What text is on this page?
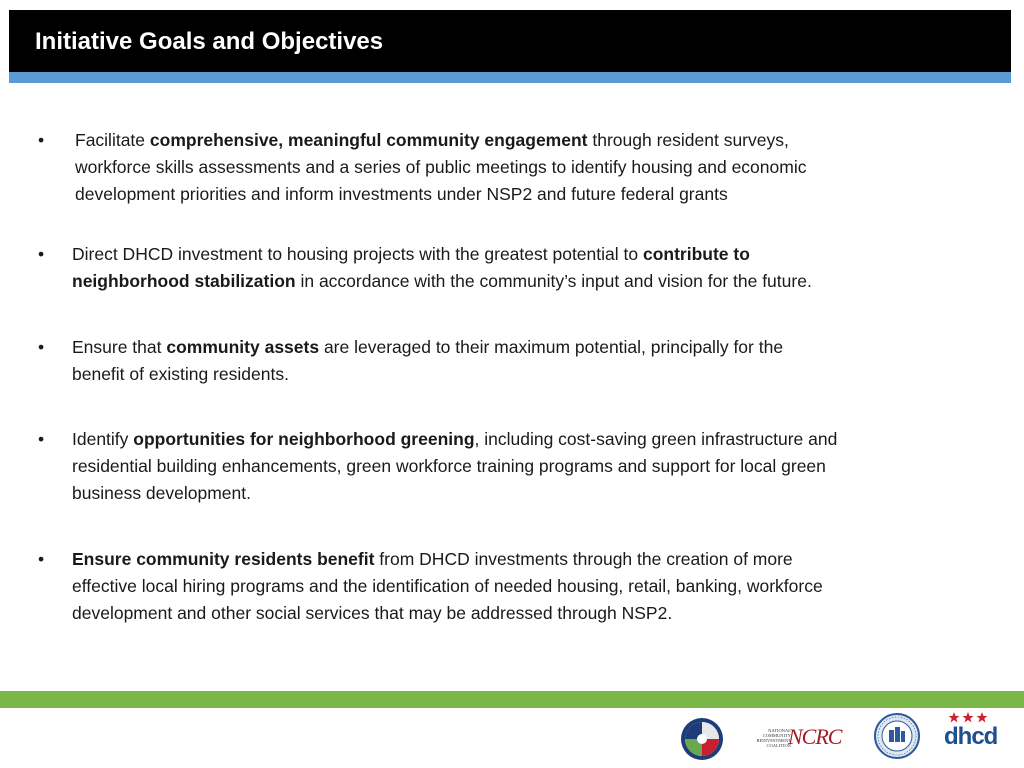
Initiative Goals and Objectives
• Facilitate comprehensive, meaningful community engagement through resident surveys,
workforce skills assessments and a series of public meetings to identify housing and economic
development priorities and inform investments under NSP2 and future federal grants
• Direct DHCD investment to housing projects with the greatest potential to contribute to
neighborhood stabilization in accordance with the community’s input and vision for the future.
• Ensure that community assets are leveraged to their maximum potential, principally for the
benefit of existing residents.
• Identify opportunities for neighborhood greening, including cost-saving green infrastructure and
residential building enhancements, green workforce training programs and support for local green
business development.
• Ensure community residents benefit from DHCD investments through the creation of more
effective local hiring programs and the identification of needed housing, retail, banking, workforce
development and other social services that may be addressed through NSP2.
NATIONAL COMMUNITY REINVESTMENT COALITION
NCRC	dhcd
